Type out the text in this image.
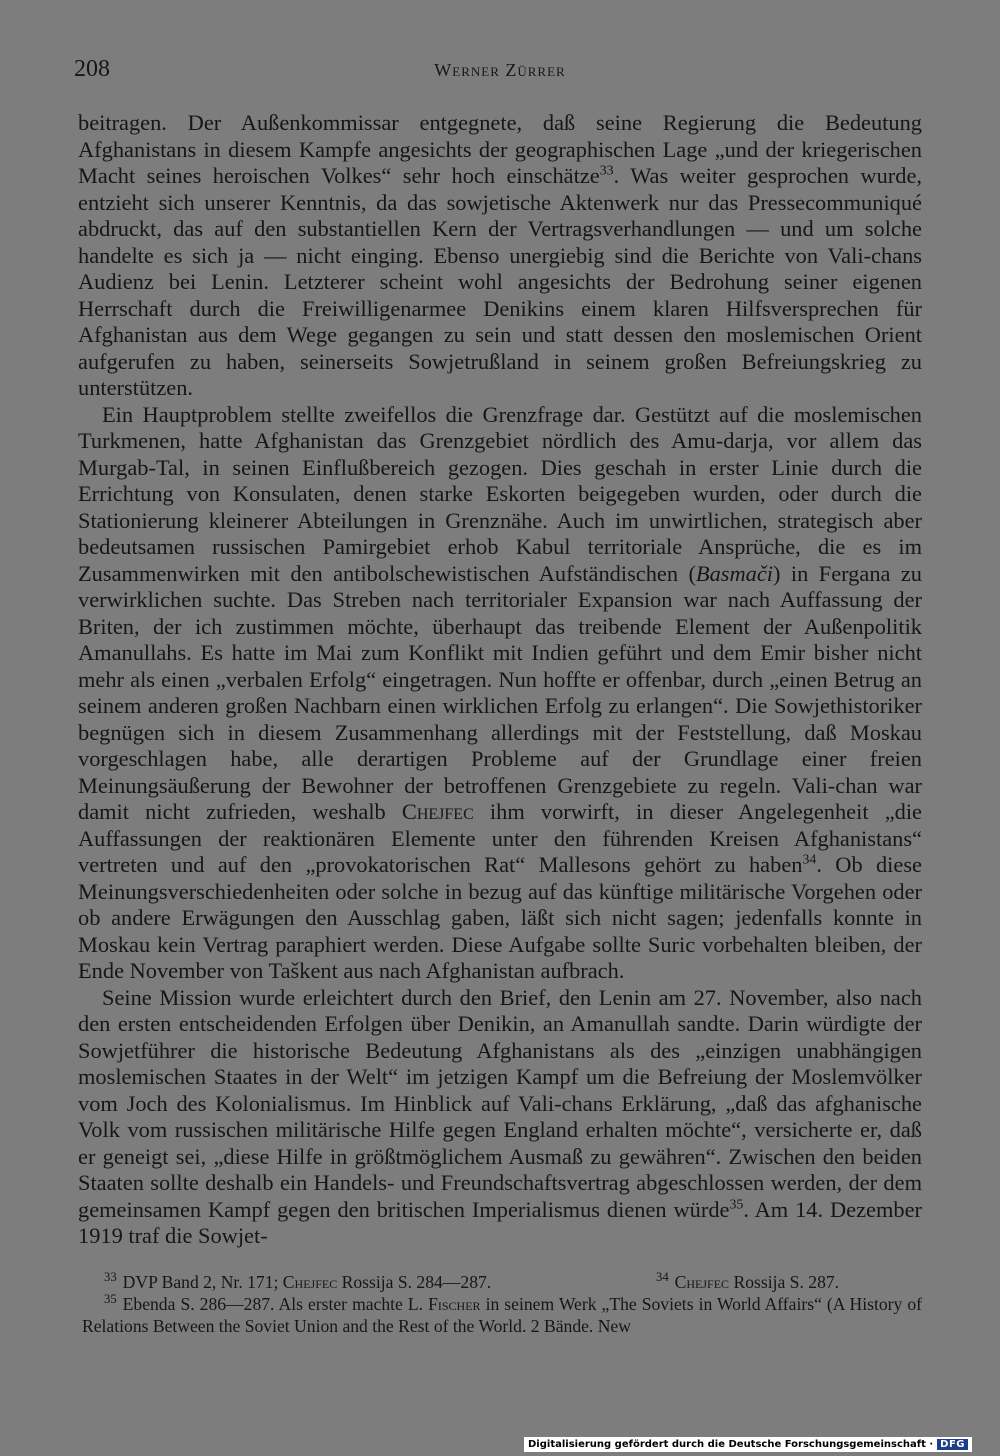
208	Werner Zürrer

beitragen. Der Außenkommissar entgegnete, daß seine Regierung die Bedeutung Afghanistans in diesem Kampfe angesichts der geographischen Lage „und der kriegerischen Macht seines heroischen Volkes“ sehr hoch einschätze$^{33}$. Was weiter gesprochen wurde, entzieht sich unserer Kenntnis, da das sowjetische Aktenwerk nur das Pressecommuniqué abdruckt, das auf den substantiellen Kern der Vertragsverhandlungen — und um solche handelte es sich ja — nicht einging. Ebenso unergiebig sind die Berichte von Vali-chans Audienz bei Lenin. Letzterer scheint wohl angesichts der Bedrohung seiner eigenen Herrschaft durch die Freiwilligenarmee Denikins einem klaren Hilfsversprechen für Afghanistan aus dem Wege gegangen zu sein und statt dessen den moslemischen Orient aufgerufen zu haben, seinerseits Sowjetrußland in seinem großen Befreiungskrieg zu unterstützen.

Ein Hauptproblem stellte zweifellos die Grenzfrage dar. Gestützt auf die moslemischen Turkmenen, hatte Afghanistan das Grenzgebiet nördlich des Amu-darja, vor allem das Murgab-Tal, in seinen Einflußbereich gezogen. Dies geschah in erster Linie durch die Errichtung von Konsulaten, denen starke Eskorten beigegeben wurden, oder durch die Stationierung kleinerer Abteilungen in Grenznähe. Auch im unwirtlichen, strategisch aber bedeutsamen russischen Pamirgebiet erhob Kabul territoriale Ansprüche, die es im Zusammenwirken mit den antibolschewistischen Aufständischen (Basmači) in Fergana zu verwirklichen suchte. Das Streben nach territorialer Expansion war nach Auffassung der Briten, der ich zustimmen möchte, überhaupt das treibende Element der Außenpolitik Amanullahs. Es hatte im Mai zum Konflikt mit Indien geführt und dem Emir bisher nicht mehr als einen „verbalen Erfolg“ eingetragen. Nun hoffte er offenbar, durch „einen Betrug an seinem anderen großen Nachbarn einen wirklichen Erfolg zu erlangen“. Die Sowjethistoriker begnügen sich in diesem Zusammenhang allerdings mit der Feststellung, daß Moskau vorgeschlagen habe, alle derartigen Probleme auf der Grundlage einer freien Meinungsäußerung der Bewohner der betroffenen Grenzgebiete zu regeln. Vali-chan war damit nicht zufrieden, weshalb Chejfec ihm vorwirft, in dieser Angelegenheit „die Auffassungen der reaktionären Elemente unter den führenden Kreisen Afghanistans“ vertreten und auf den „provokatorischen Rat“ Mallesons gehört zu haben$^{34}$. Ob diese Meinungsverschiedenheiten oder solche in bezug auf das künftige militärische Vorgehen oder ob andere Erwägungen den Ausschlag gaben, läßt sich nicht sagen; jedenfalls konnte in Moskau kein Vertrag paraphiert werden. Diese Aufgabe sollte Suric vorbehalten bleiben, der Ende November von Taškent aus nach Afghanistan aufbrach.

Seine Mission wurde erleichtert durch den Brief, den Lenin am 27. November, also nach den ersten entscheidenden Erfolgen über Denikin, an Amanullah sandte. Darin würdigte der Sowjetführer die historische Bedeutung Afghanistans als des „einzigen unabhängigen moslemischen Staates in der Welt“ im jetzigen Kampf um die Befreiung der Moslemvölker vom Joch des Kolonialismus. Im Hinblick auf Vali-chans Erklärung, „daß das afghanische Volk vom russischen militärische Hilfe gegen England erhalten möchte“, versicherte er, daß er geneigt sei, „diese Hilfe in größtmöglichem Ausmaß zu gewähren“. Zwischen den beiden Staaten sollte deshalb ein Handels- und Freundschaftsvertrag abgeschlossen werden, der dem gemeinsamen Kampf gegen den britischen Imperialismus dienen würde$^{35}$. Am 14. Dezember 1919 traf die Sowjet-

$^{33}$ DVP Band 2, Nr. 171; Chejfec Rossija S. 284—287.	$^{34}$ Chejfec Rossija S. 287.
$^{35}$ Ebenda S. 286—287. Als erster machte L. Fischer in seinem Werk „The Soviets in World Affairs“ (A History of Relations Between the Soviet Union and the Rest of the World. 2 Bände. New
Digitalisierung gefördert durch die Deutsche Forschungsgemeinschaft · DFG
